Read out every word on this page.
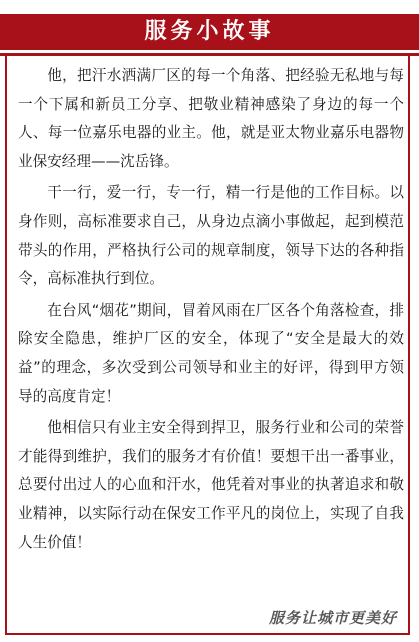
服务小故事

他，把汗水洒满厂区的每一个角落、把经验无私地与每一个下属和新员工分享、把敬业精神感染了身边的每一个人、每一位嘉乐电器的业主。他，就是亚太物业嘉乐电器物业保安经理——沈岳锋。

干一行，爱一行，专一行，精一行是他的工作目标。以身作则，高标准要求自己，从身边点滴小事做起，起到模范带头的作用，严格执行公司的规章制度，领导下达的各种指令，高标准执行到位。

在台风“烟花”期间，冒着风雨在厂区各个角落检查，排除安全隐患，维护厂区的安全，体现了“安全是最大的效益”的理念，多次受到公司领导和业主的好评，得到甲方领导的高度肯定！

他相信只有业主安全得到捍卫，服务行业和公司的荣誉才能得到维护，我们的服务才有价值！要想干出一番事业，总要付出过人的心血和汗水，他凭着对事业的执著追求和敬业精神，以实际行动在保安工作平凡的岗位上，实现了自我人生价值！

服务让城市更美好
